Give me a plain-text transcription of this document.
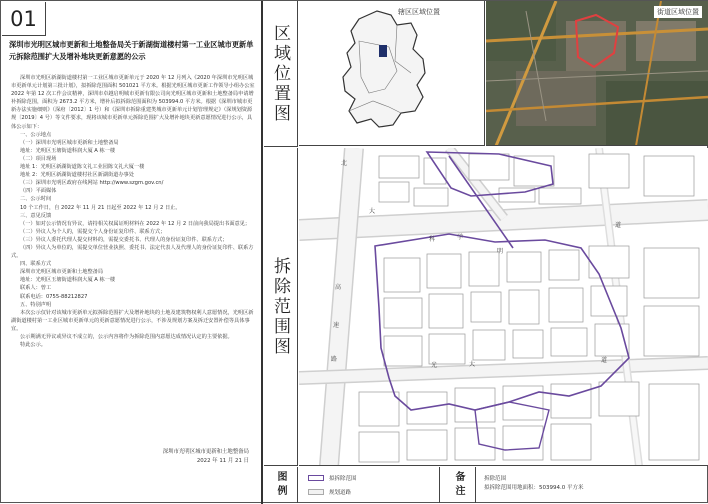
01
深圳市光明区城市更新和土地整备局关于新湖街道楼村第一工业区城市更新单元拆除范围扩大及增补地块更新意愿的公示

深圳市光明区新湖街道楼村第一工业区城市更新单元于 2020 年 12 月列入《2020 年深圳市光明区城市更新单元计划第三批计划》，拟拆除范围面积 501021 平方米。根据光明区城市更新工作领导小组办公室 2022 年第 12 次工作会议精神，深圳市卓越启明城市更新有限公司向光明区城市更新和土地整备局申请增补拆除范围，面积为 2673.2 平方米，增补后拟拆除范围面积为 503994.0 平方米。根据《深圳市城市更新办法实施细则》（深府〔2012〕1 号）和《深圳市拆除重建类城市更新单元计划管理规定》（深规划资源规〔2019〕4 号）等文件要求，现将该城市更新单元拆除范围扩大及增补地块更新意愿情况进行公示，具体公示如下：

一、公示地点

（一）深圳市光明区城市更新和土地整备局

地址：光明区玉塘街道科润大厦 A 栋一楼

（二）项目现场

地址 1：光明区新湖街道陈文礼工业园陈文礼大厦一楼

地址 2：光明区新湖街道楼村社区新湖街道办事处

（三）深圳市光明区政府在线网站 http://www.szgm.gov.cn/

（四）平面媒体

二、公示时间

10 个工作日，自 2022 年 11 月 21 日起至 2022 年 12 月 2 日止。

三、意见反馈

（一）如对公示情况有异议，请持相关权属证明材料在 2022 年 12 月 2 日前向我局提出书面意见；

（二）异议人为个人的，需提交个人身份证复印件、联系方式；

（三）异议人委托代理人提交材料的，需提交委托书、代理人的身份证复印件、联系方式；

（四）异议人为单位的，需提交单位营业执照、委托书、法定代表人及代理人的身份证复印件、联系方式。

四、联系方式

深圳市光明区城市更新和土地整备局

地址：光明区玉塘街道科润大厦 A 栋一楼

联系人：曾工

联系电话：0755-88212827

五、特别声明

本次公示仅针对该城市更新单元拟拆除范围扩大及增补地块的土地及建筑物权利人意愿情况，光明区新湖街道楼村第一工业区城市更新单元的更新意愿情况进行公示，不涉及规划方案及拆迁安置补偿等具体事宜。

公示期满无异议或异议不成立的，公示内容将作为拆除范围内意愿达成情况认定的主要依据。

特此公示。

深圳市光明区城市更新和土地整备局
2022 年 11 月 21 日
区域位置图
拆除范围图
辖区区域位置	街道区域位置
北
大
科	学
道
高
速
路
明
光	大
道
图例	拟拆除范围
规划道路	备注	拆除范围
拟拆除范围用地面积：503994.0 平方米
